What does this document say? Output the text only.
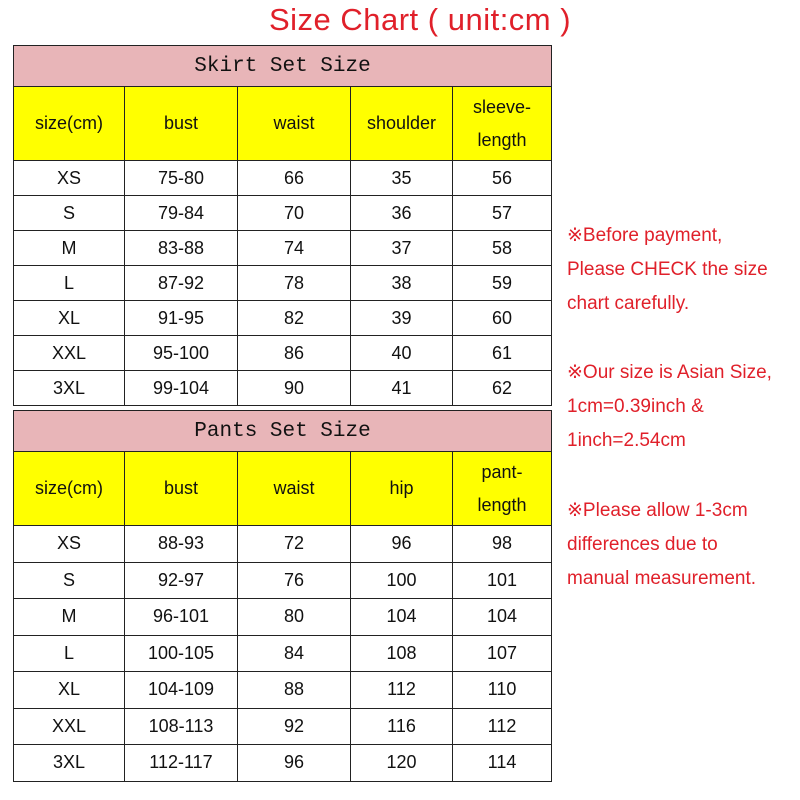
Size Chart ( unit:cm )
Skirt Set Size				
size(cm)	bust	waist	shoulder	sleeve-
length
XS	75-80	66	35	56
S	79-84	70	36	57
M	83-88	74	37	58
L	87-92	78	38	59
XL	91-95	82	39	60
XXL	95-100	86	40	61
3XL	99-104	90	41	62
Pants Set Size				
size(cm)	bust	waist	hip	pant-
length
XS	88-93	72	96	98
S	92-97	76	100	101
M	96-101	80	104	104
L	100-105	84	108	107
XL	104-109	88	112	110
XXL	108-113	92	116	112
3XL	112-117	96	120	114

※Before payment,

Please CHECK the size

chart carefully.

※Our size is Asian Size,

1cm=0.39inch &

1inch=2.54cm

※Please allow 1-3cm

differences due to

manual measurement.
